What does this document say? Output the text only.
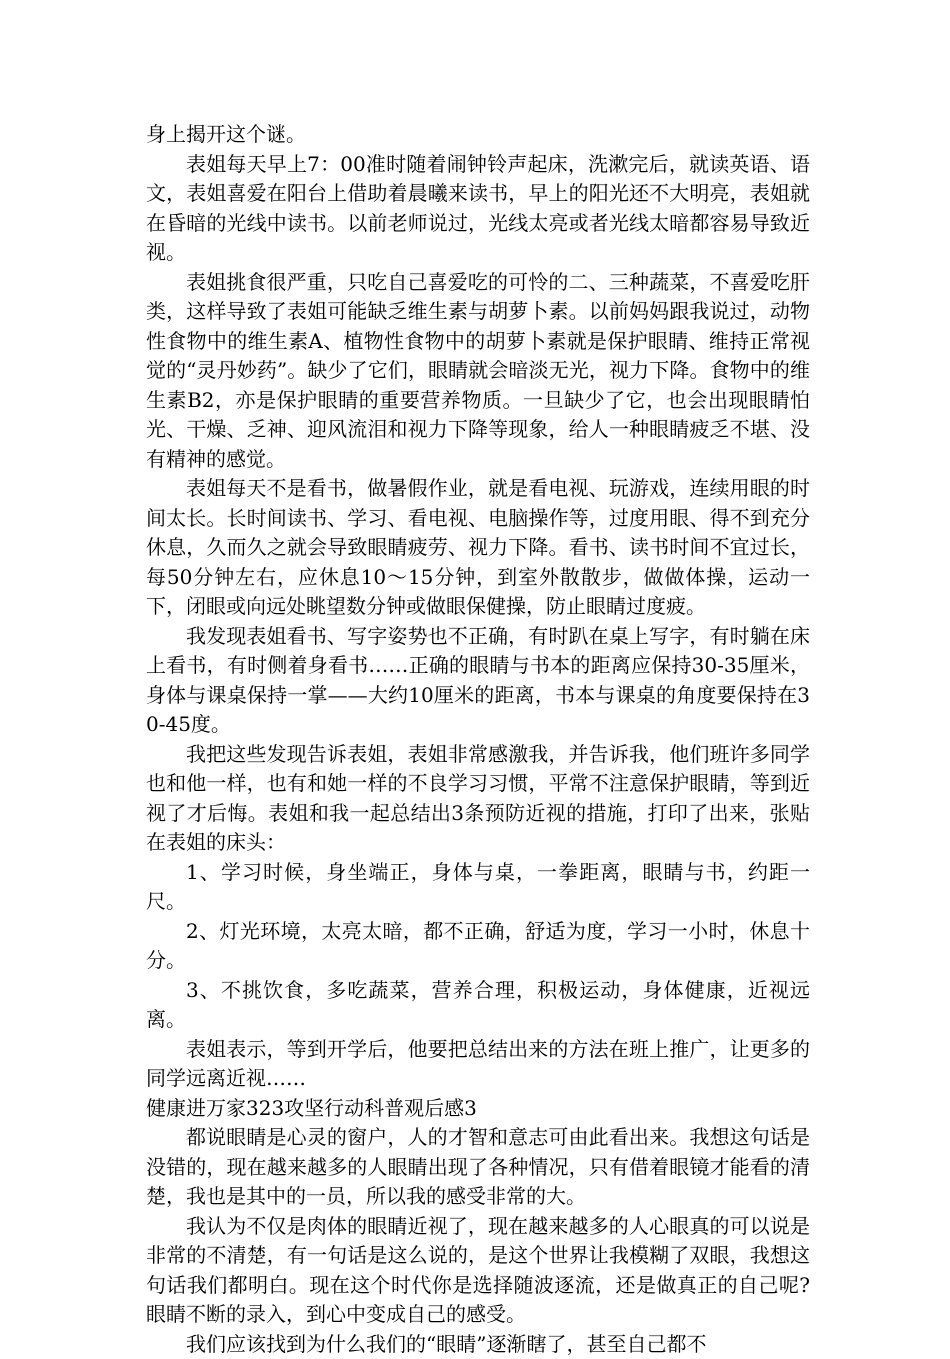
身上揭开这个谜。

表姐每天早上7：00准时随着闹钟铃声起床，洗漱完后，就读英语、语文，表姐喜爱在阳台上借助着晨曦来读书，早上的阳光还不大明亮，表姐就在昏暗的光线中读书。以前老师说过，光线太亮或者光线太暗都容易导致近视。

表姐挑食很严重，只吃自己喜爱吃的可怜的二、三种蔬菜，不喜爱吃肝类，这样导致了表姐可能缺乏维生素与胡萝卜素。以前妈妈跟我说过，动物性食物中的维生素A、植物性食物中的胡萝卜素就是保护眼睛、维持正常视觉的“灵丹妙药”。缺少了它们，眼睛就会暗淡无光，视力下降。食物中的维生素B2，亦是保护眼睛的重要营养物质。一旦缺少了它，也会出现眼睛怕光、干燥、乏神、迎风流泪和视力下降等现象，给人一种眼睛疲乏不堪、没有精神的感觉。

表姐每天不是看书，做暑假作业，就是看电视、玩游戏，连续用眼的时间太长。长时间读书、学习、看电视、电脑操作等，过度用眼、得不到充分休息，久而久之就会导致眼睛疲劳、视力下降。看书、读书时间不宜过长，每50分钟左右，应休息10～15分钟，到室外散散步，做做体操，运动一下，闭眼或向远处眺望数分钟或做眼保健操，防止眼睛过度疲。

我发现表姐看书、写字姿势也不正确，有时趴在桌上写字，有时躺在床上看书，有时侧着身看书……正确的眼睛与书本的距离应保持30-35厘米，身体与课桌保持一掌——大约10厘米的距离，书本与课桌的角度要保持在30-45度。

我把这些发现告诉表姐，表姐非常感激我，并告诉我，他们班许多同学也和他一样，也有和她一样的不良学习习惯，平常不注意保护眼睛，等到近视了才后悔。表姐和我一起总结出3条预防近视的措施，打印了出来，张贴在表姐的床头：

1、学习时候，身坐端正，身体与桌，一拳距离，眼睛与书，约距一尺。

2、灯光环境，太亮太暗，都不正确，舒适为度，学习一小时，休息十分。

3、不挑饮食，多吃蔬菜，营养合理，积极运动，身体健康，近视远离。

表姐表示，等到开学后，他要把总结出来的方法在班上推广，让更多的同学远离近视……

健康进万家323攻坚行动科普观后感3

都说眼睛是心灵的窗户，人的才智和意志可由此看出来。我想这句话是没错的，现在越来越多的人眼睛出现了各种情况，只有借着眼镜才能看的清楚，我也是其中的一员，所以我的感受非常的大。

我认为不仅是肉体的眼睛近视了，现在越来越多的人心眼真的可以说是非常的不清楚，有一句话是这么说的，是这个世界让我模糊了双眼，我想这句话我们都明白。现在这个时代你是选择随波逐流，还是做真正的自己呢?眼睛不断的录入，到心中变成自己的感受。

我们应该找到为什么我们的“眼睛”逐渐瞎了，甚至自己都不
